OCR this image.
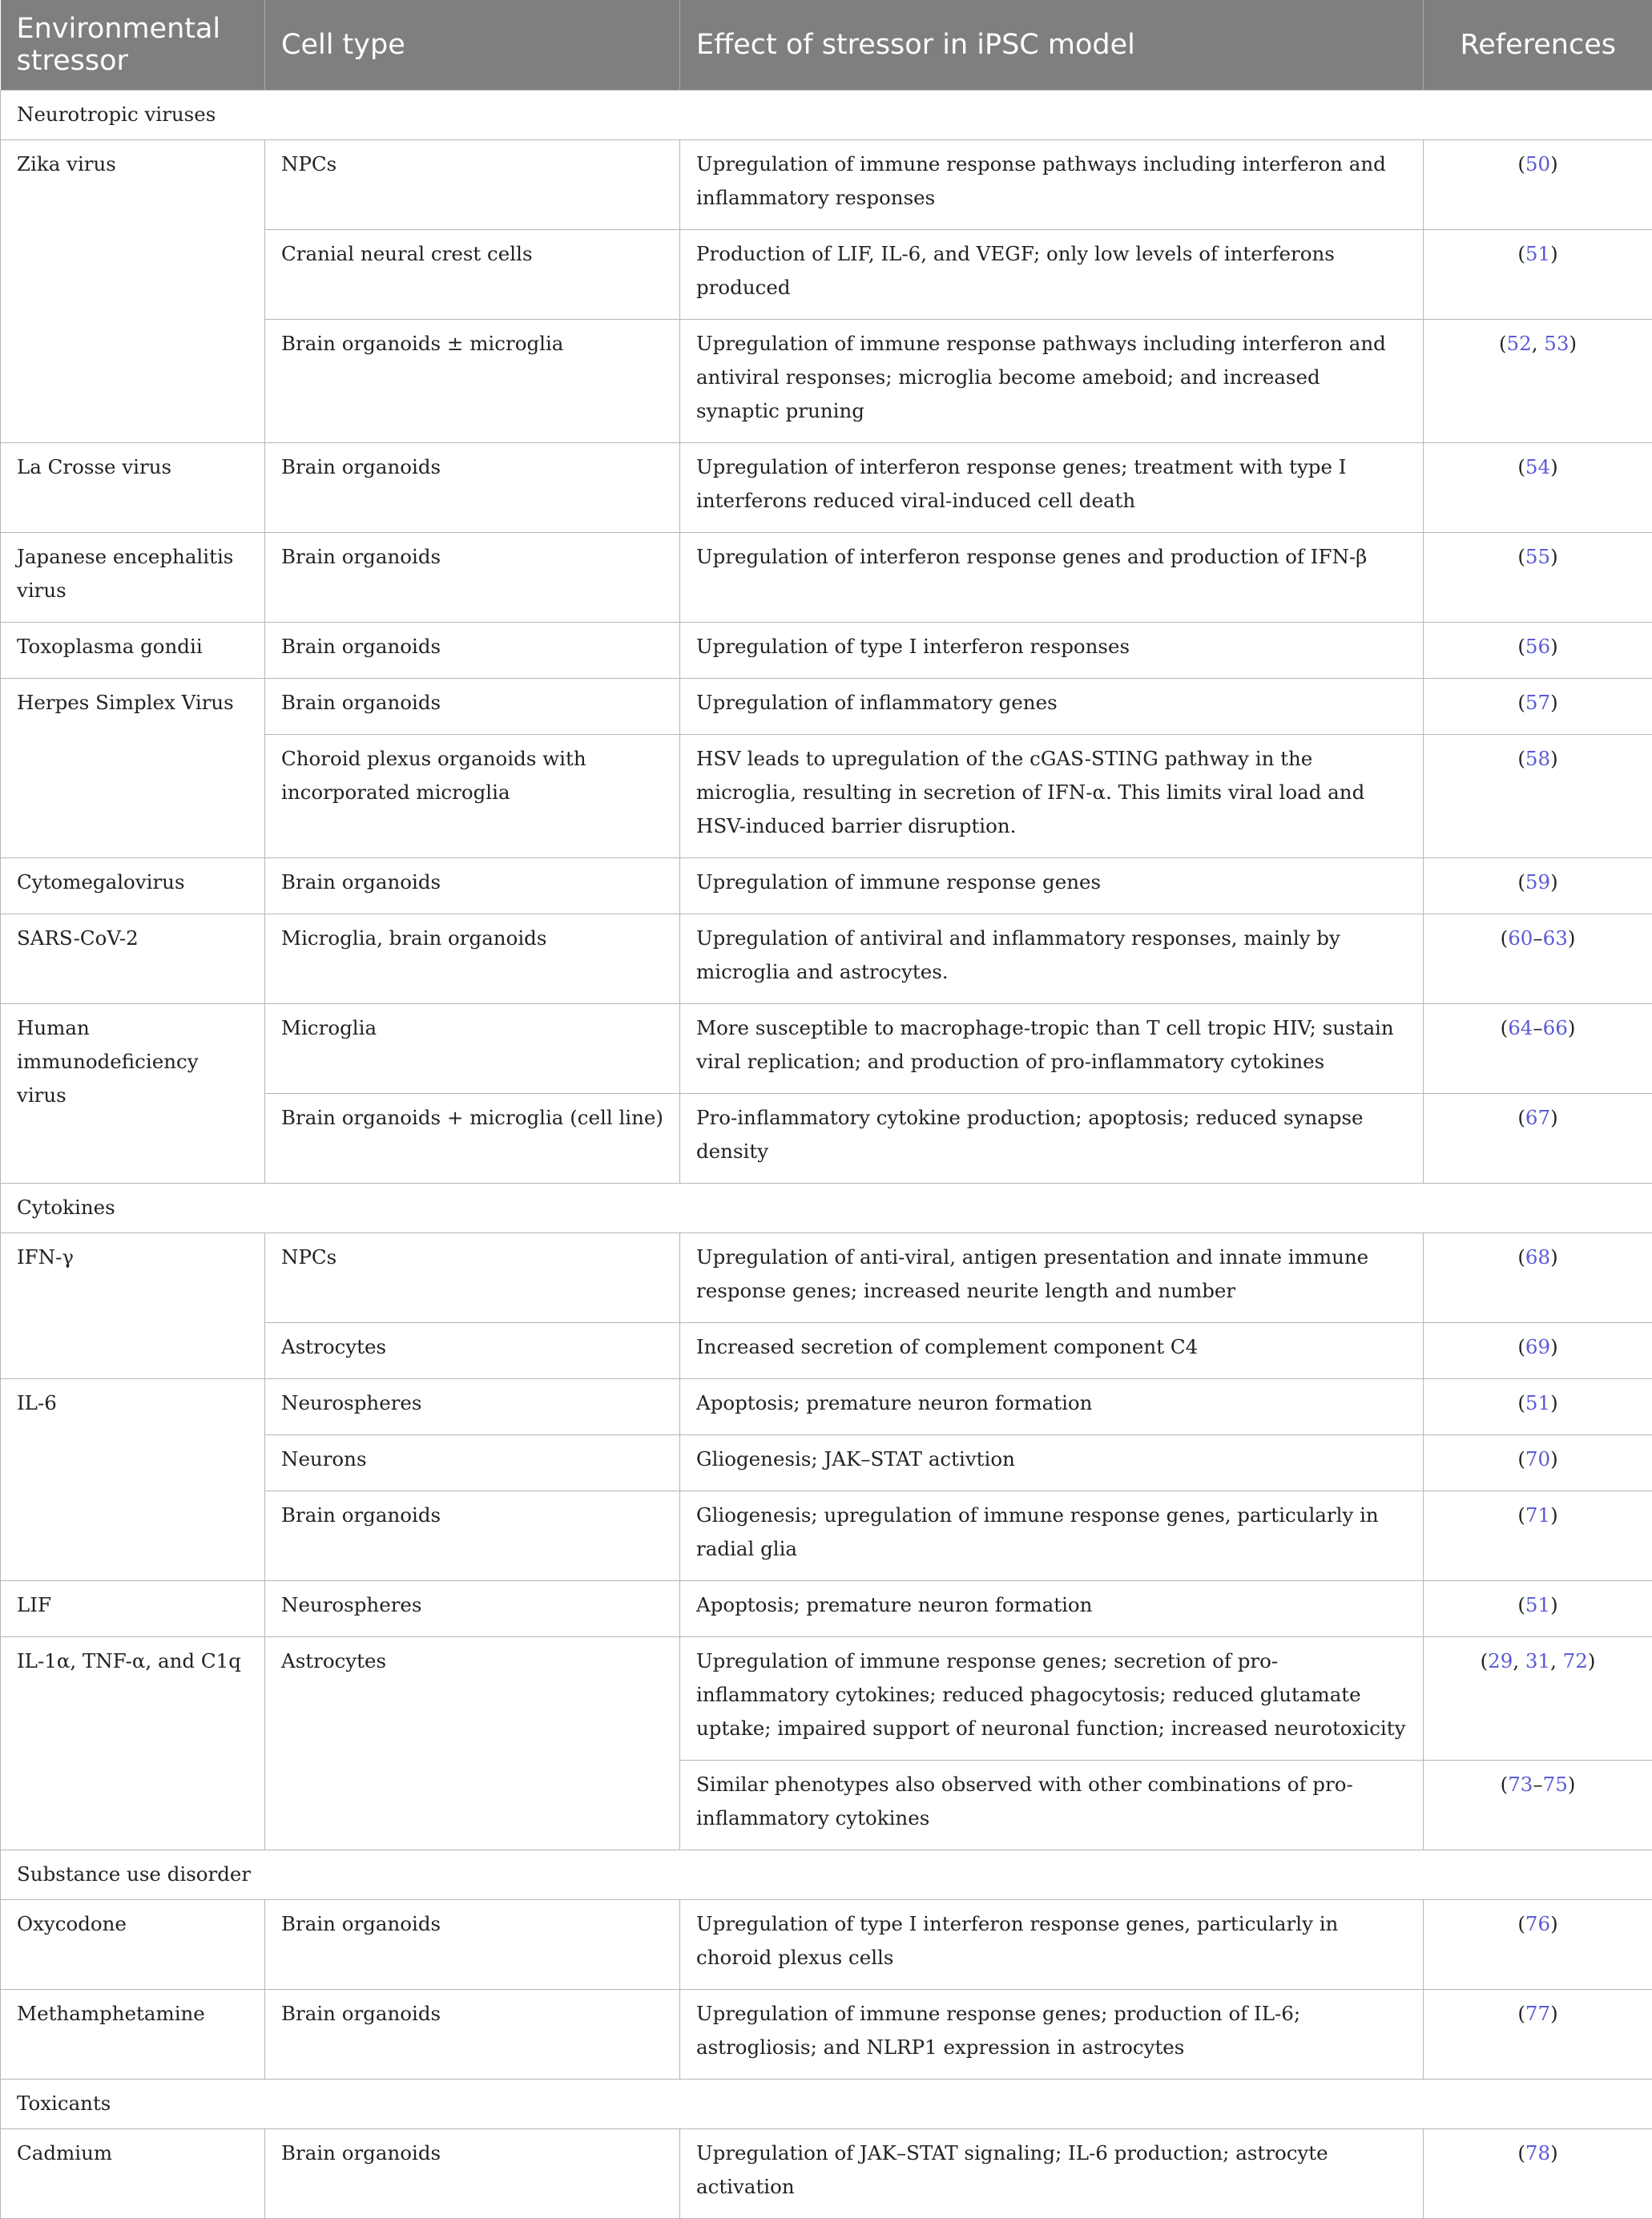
Environmental stressor	Cell type	Effect of stressor in iPSC model	References
Neurotropic viruses			
Zika virus	NPCs	Upregulation of immune response pathways including interferon and inflammatory responses	(50)
	Cranial neural crest cells	Production of LIF, IL-6, and VEGF; only low levels of interferons produced	(51)
	Brain organoids ± microglia	Upregulation of immune response pathways including interferon and antiviral responses; microglia become ameboid; and increased synaptic pruning	(52, 53)
La Crosse virus	Brain organoids	Upregulation of interferon response genes; treatment with type I interferons reduced viral-induced cell death	(54)
Japanese encephalitis virus	Brain organoids	Upregulation of interferon response genes and production of IFN-β	(55)
Toxoplasma gondii	Brain organoids	Upregulation of type I interferon responses	(56)
Herpes Simplex Virus	Brain organoids	Upregulation of inflammatory genes	(57)
	Choroid plexus organoids with incorporated microglia	HSV leads to upregulation of the cGAS-STING pathway in the microglia, resulting in secretion of IFN-α. This limits viral load and HSV-induced barrier disruption.	(58)
Cytomegalovirus	Brain organoids	Upregulation of immune response genes	(59)
SARS-CoV-2	Microglia, brain organoids	Upregulation of antiviral and inflammatory responses, mainly by microglia and astrocytes.	(60–63)
Human immunodeficiency virus	Microglia	More susceptible to macrophage-tropic than T cell tropic HIV; sustain viral replication; and production of pro-inflammatory cytokines	(64–66)
	Brain organoids + microglia (cell line)	Pro-inflammatory cytokine production; apoptosis; reduced synapse density	(67)
Cytokines			
IFN-γ	NPCs	Upregulation of anti-viral, antigen presentation and innate immune response genes; increased neurite length and number	(68)
	Astrocytes	Increased secretion of complement component C4	(69)
IL-6	Neurospheres	Apoptosis; premature neuron formation	(51)
	Neurons	Gliogenesis; JAK–STAT activtion	(70)
	Brain organoids	Gliogenesis; upregulation of immune response genes, particularly in radial glia	(71)
LIF	Neurospheres	Apoptosis; premature neuron formation	(51)
IL-1α, TNF-α, and C1q	Astrocytes	Upregulation of immune response genes; secretion of pro-inflammatory cytokines; reduced phagocytosis; reduced glutamate uptake; impaired support of neuronal function; increased neurotoxicity	(29, 31, 72)
		Similar phenotypes also observed with other combinations of pro-inflammatory cytokines	(73–75)
Substance use disorder			
Oxycodone	Brain organoids	Upregulation of type I interferon response genes, particularly in choroid plexus cells	(76)
Methamphetamine	Brain organoids	Upregulation of immune response genes; production of IL-6; astrogliosis; and NLRP1 expression in astrocytes	(77)
Toxicants			
Cadmium	Brain organoids	Upregulation of JAK–STAT signaling; IL-6 production; astrocyte activation	(78)
